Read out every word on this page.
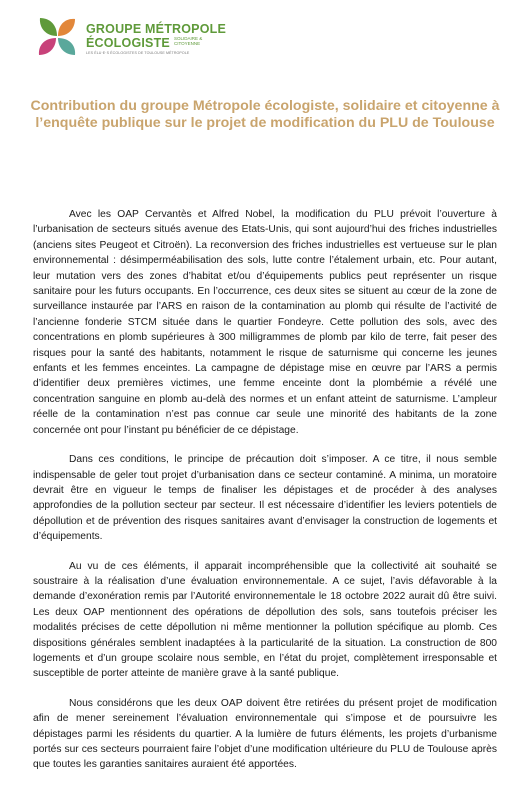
GROUPE MÉTROPOLE
ÉCOLOGISTE SOLIDAIRE & CITOYENNE
LES ÉLU·E·S ÉCOLOGISTES DE TOULOUSE MÉTROPOLE
Contribution du groupe Métropole écologiste, solidaire et citoyenne à l’enquête publique sur le projet de modification du PLU de Toulouse

Avec les OAP Cervantès et Alfred Nobel, la modification du PLU prévoit l’ouverture à l’urbanisation de secteurs situés avenue des Etats-Unis, qui sont aujourd’hui des friches industrielles (anciens sites Peugeot et Citroën). La reconversion des friches industrielles est vertueuse sur le plan environnemental : désimperméabilisation des sols, lutte contre l’étalement urbain, etc. Pour autant, leur mutation vers des zones d’habitat et/ou d’équipements publics peut représenter un risque sanitaire pour les futurs occupants. En l’occurrence, ces deux sites se situent au cœur de la zone de surveillance instaurée par l’ARS en raison de la contamination au plomb qui résulte de l’activité de l’ancienne fonderie STCM située dans le quartier Fondeyre. Cette pollution des sols, avec des concentrations en plomb supérieures à 300 milligrammes de plomb par kilo de terre, fait peser des risques pour la santé des habitants, notamment le risque de saturnisme qui concerne les jeunes enfants et les femmes enceintes. La campagne de dépistage mise en œuvre par l’ARS a permis d’identifier deux premières victimes, une femme enceinte dont la plombémie a révélé une concentration sanguine en plomb au-delà des normes et un enfant atteint de saturnisme. L’ampleur réelle de la contamination n’est pas connue car seule une minorité des habitants de la zone concernée ont pour l’instant pu bénéficier de ce dépistage.

Dans ces conditions, le principe de précaution doit s’imposer. A ce titre, il nous semble indispensable de geler tout projet d’urbanisation dans ce secteur contaminé. A minima, un moratoire devrait être en vigueur le temps de finaliser les dépistages et de procéder à des analyses approfondies de la pollution secteur par secteur. Il est nécessaire d’identifier les leviers potentiels de dépollution et de prévention des risques sanitaires avant d’envisager la construction de logements et d’équipements.

Au vu de ces éléments, il apparait incompréhensible que la collectivité ait souhaité se soustraire à la réalisation d’une évaluation environnementale. A ce sujet, l’avis défavorable à la demande d’exonération remis par l’Autorité environnementale le 18 octobre 2022 aurait dû être suivi. Les deux OAP mentionnent des opérations de dépollution des sols, sans toutefois préciser les modalités précises de cette dépollution ni même mentionner la pollution spécifique au plomb. Ces dispositions générales semblent inadaptées à la particularité de la situation. La construction de 800 logements et d’un groupe scolaire nous semble, en l’état du projet, complètement irresponsable et susceptible de porter atteinte de manière grave à la santé publique.

Nous considérons que les deux OAP doivent être retirées du présent projet de modification afin de mener sereinement l’évaluation environnementale qui s’impose et de poursuivre les dépistages parmi les résidents du quartier. A la lumière de futurs éléments, les projets d’urbanisme portés sur ces secteurs pourraient faire l’objet d’une modification ultérieure du PLU de Toulouse après que toutes les garanties sanitaires auraient été apportées.
